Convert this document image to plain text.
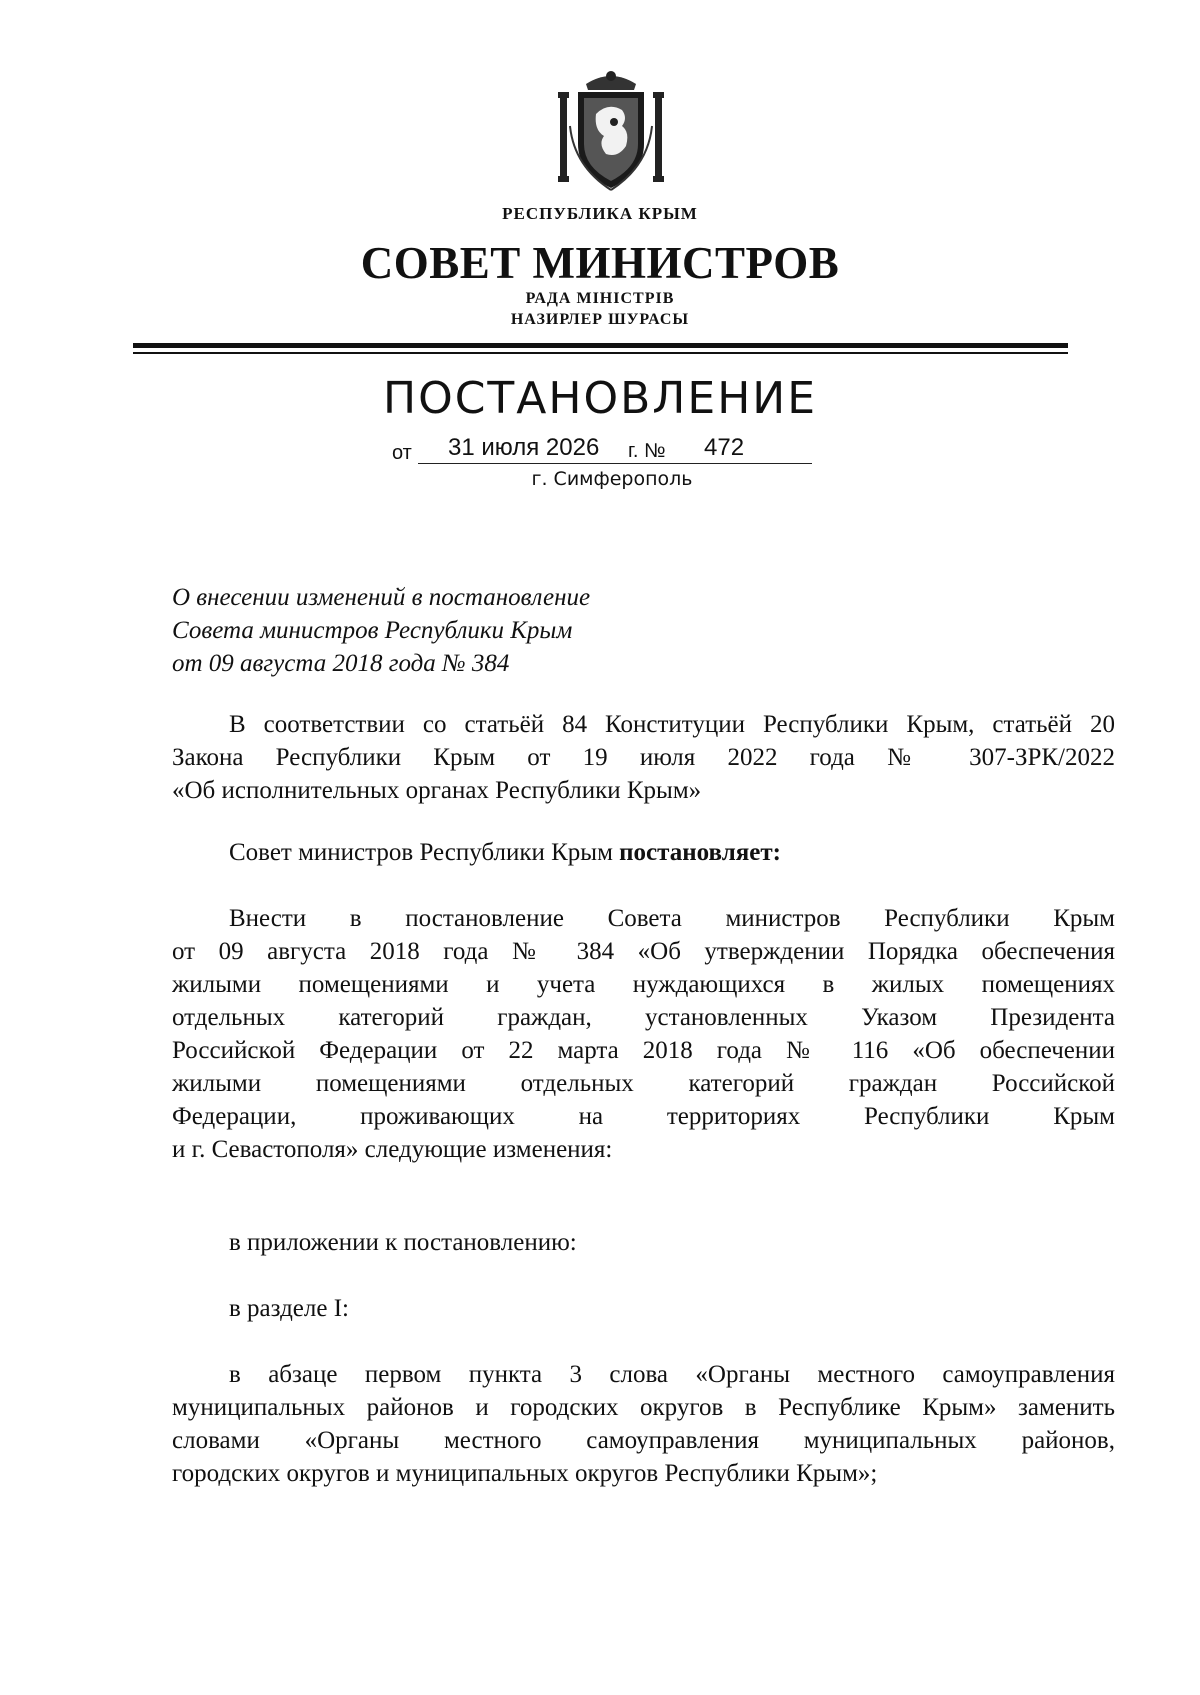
РЕСПУБЛИКА КРЫМ
СОВЕТ МИНИСТРОВ
РАДА МІНІСТРІВ
НАЗИРЛЕР ШУРАСЫ
ПОСТАНОВЛЕНИЕ
от 31 июля 2026 г. № 472
г. Симферополь
О внесении изменений в постановление
Совета министров Республики Крым
от 09 августа 2018 года № 384
В соответствии со статьёй 84 Конституции Республики Крым, статьёй 20
Закона Республики Крым от 19 июля 2022 года № 307-ЗРК/2022
«Об исполнительных органах Республики Крым»
Совет министров Республики Крым постановляет:
Внести в постановление Совета министров Республики Крым
от 09 августа 2018 года № 384 «Об утверждении Порядка обеспечения
жилыми помещениями и учета нуждающихся в жилых помещениях
отдельных категорий граждан, установленных Указом Президента
Российской Федерации от 22 марта 2018 года № 116 «Об обеспечении
жилыми помещениями отдельных категорий граждан Российской
Федерации, проживающих на территориях Республики Крым
и г. Севастополя» следующие изменения:
в приложении к постановлению:
в разделе I:
в абзаце первом пункта 3 слова «Органы местного самоуправления
муниципальных районов и городских округов в Республике Крым» заменить
словами «Органы местного самоуправления муниципальных районов,
городских округов и муниципальных округов Республики Крым»;
